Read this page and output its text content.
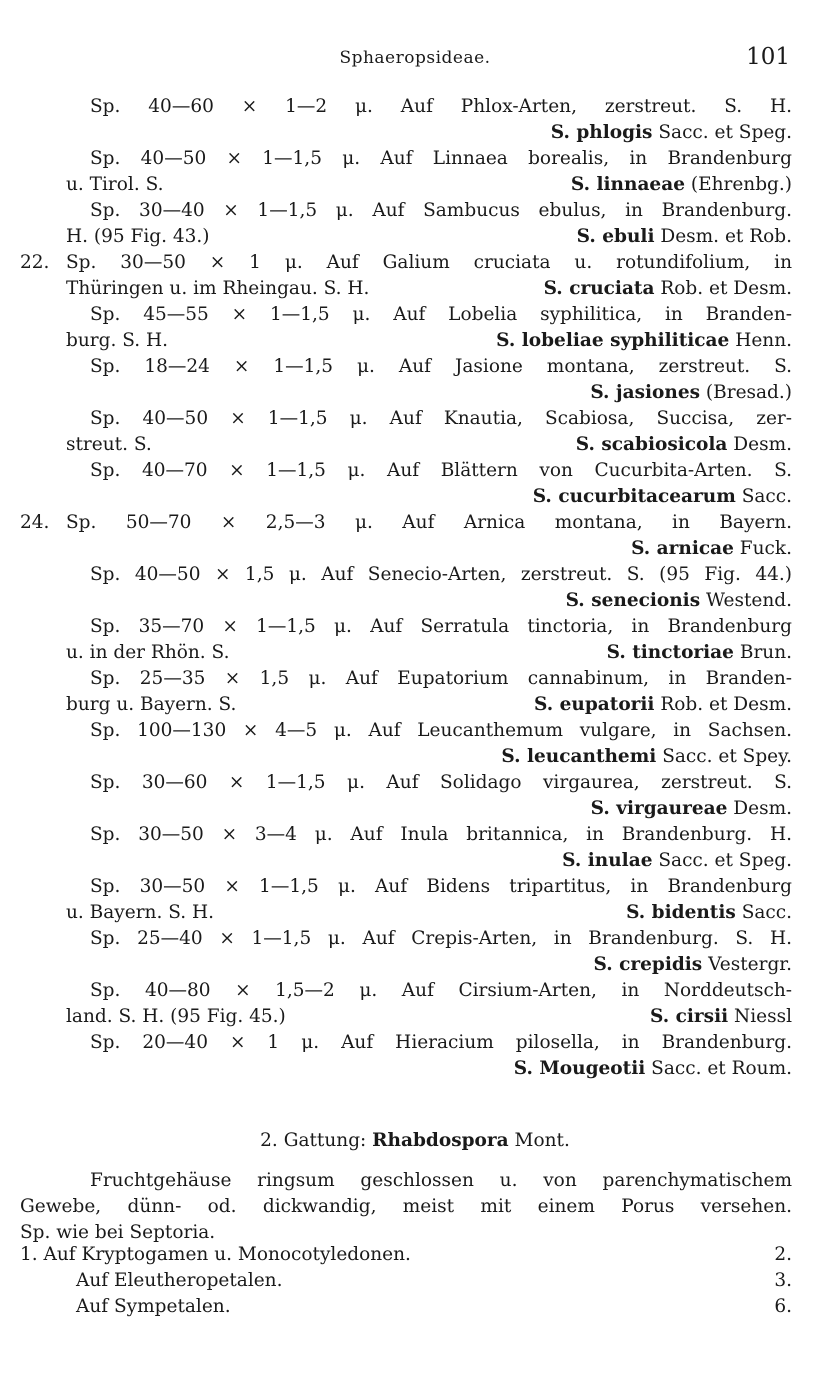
Sphaeropsideae.	101
Sp. 40—60 × 1—2 μ. Auf Phlox-Arten, zerstreut. S. H.
S. phlogis Sacc. et Speg.
Sp. 40—50 × 1—1,5 μ. Auf Linnaea borealis, in Brandenburg
u. Tirol. S.	S. linnaeae (Ehrenbg.)
Sp. 30—40 × 1—1,5 μ. Auf Sambucus ebulus, in Brandenburg.
H. (95 Fig. 43.)	S. ebuli Desm. et Rob.
22. Sp. 30—50 × 1 μ. Auf Galium cruciata u. rotundifolium, in
Thüringen u. im Rheingau. S. H.	S. cruciata Rob. et Desm.
Sp. 45—55 × 1—1,5 μ. Auf Lobelia syphilitica, in Branden-
burg. S. H.	S. lobeliae syphiliticae Henn.
Sp. 18—24 × 1—1,5 μ. Auf Jasione montana, zerstreut. S.
S. jasiones (Bresad.)
Sp. 40—50 × 1—1,5 μ. Auf Knautia, Scabiosa, Succisa, zer-
streut. S.	S. scabiosicola Desm.
Sp. 40—70 × 1—1,5 μ. Auf Blättern von Cucurbita-Arten. S.
S. cucurbitacearum Sacc.
24. Sp. 50—70 × 2,5—3 μ. Auf Arnica montana, in Bayern.
S. arnicae Fuck.
Sp. 40—50 × 1,5 μ. Auf Senecio-Arten, zerstreut. S. (95 Fig. 44.)
S. senecionis Westend.
Sp. 35—70 × 1—1,5 μ. Auf Serratula tinctoria, in Brandenburg
u. in der Rhön. S.	S. tinctoriae Brun.
Sp. 25—35 × 1,5 μ. Auf Eupatorium cannabinum, in Branden-
burg u. Bayern. S.	S. eupatorii Rob. et Desm.
Sp. 100—130 × 4—5 μ. Auf Leucanthemum vulgare, in Sachsen.
S. leucanthemi Sacc. et Spey.
Sp. 30—60 × 1—1,5 μ. Auf Solidago virgaurea, zerstreut. S.
S. virgaureae Desm.
Sp. 30—50 × 3—4 μ. Auf Inula britannica, in Brandenburg. H.
S. inulae Sacc. et Speg.
Sp. 30—50 × 1—1,5 μ. Auf Bidens tripartitus, in Brandenburg
u. Bayern. S. H.	S. bidentis Sacc.
Sp. 25—40 × 1—1,5 μ. Auf Crepis-Arten, in Brandenburg. S. H.
S. crepidis Vestergr.
Sp. 40—80 × 1,5—2 μ. Auf Cirsium-Arten, in Norddeutsch-
land. S. H. (95 Fig. 45.)	S. cirsii Niessl
Sp. 20—40 × 1 μ. Auf Hieracium pilosella, in Brandenburg.
S. Mougeotii Sacc. et Roum.
2. Gattung: Rhabdospora Mont.
Fruchtgehäuse ringsum geschlossen u. von parenchymatischem
Gewebe, dünn- od. dickwandig, meist mit einem Porus versehen.
Sp. wie bei Septoria.
1. Auf Kryptogamen u. Monocotyledonen.	2.
Auf Eleutheropetalen.	3.
Auf Sympetalen.	6.
